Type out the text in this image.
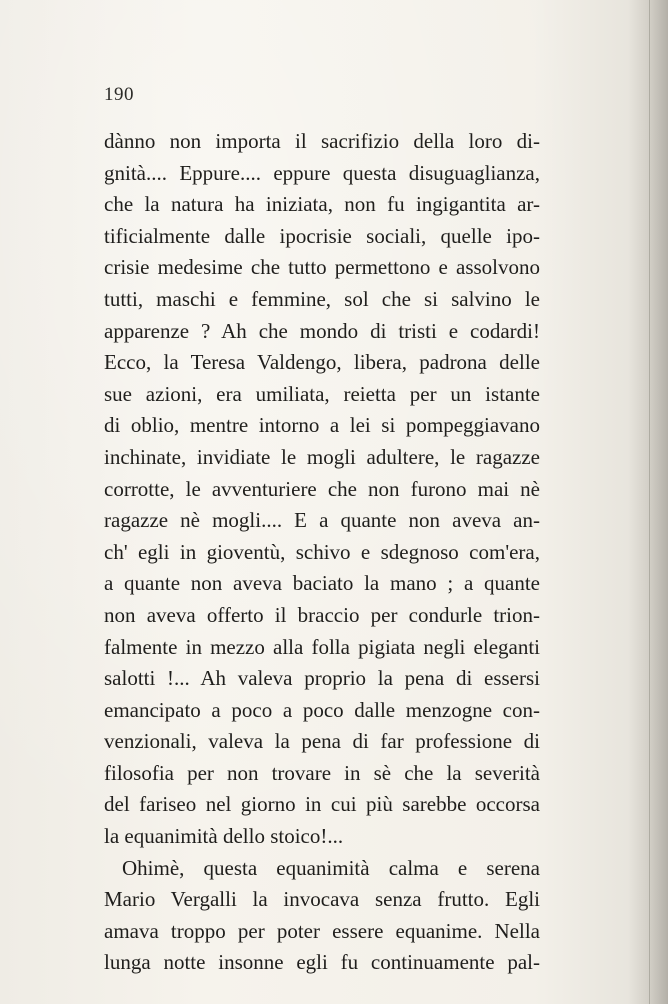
190
dànno non importa il sacrifizio della loro di-
gnità.... Eppure.... eppure questa disuguaglianza,
che la natura ha iniziata, non fu ingigantita ar-
tificialmente dalle ipocrisie sociali, quelle ipo-
crisie medesime che tutto permettono e assolvono
tutti, maschi e femmine, sol che si salvino le
apparenze ? Ah che mondo di tristi e codardi!
Ecco, la Teresa Valdengo, libera, padrona delle
sue azioni, era umiliata, reietta per un istante
di oblio, mentre intorno a lei si pompeggiavano
inchinate, invidiate le mogli adultere, le ragazze
corrotte, le avventuriere che non furono mai nè
ragazze nè mogli.... E a quante non aveva an-
ch' egli in gioventù, schivo e sdegnoso com'era,
a quante non aveva baciato la mano ; a quante
non aveva offerto il braccio per condurle trion-
falmente in mezzo alla folla pigiata negli eleganti
salotti !... Ah valeva proprio la pena di essersi
emancipato a poco a poco dalle menzogne con-
venzionali, valeva la pena di far professione di
filosofia per non trovare in sè che la severità
del fariseo nel giorno in cui più sarebbe occorsa
la equanimità dello stoico!...
Ohimè, questa equanimità calma e serena
Mario Vergalli la invocava senza frutto. Egli
amava troppo per poter essere equanime. Nella
lunga notte insonne egli fu continuamente pal-
